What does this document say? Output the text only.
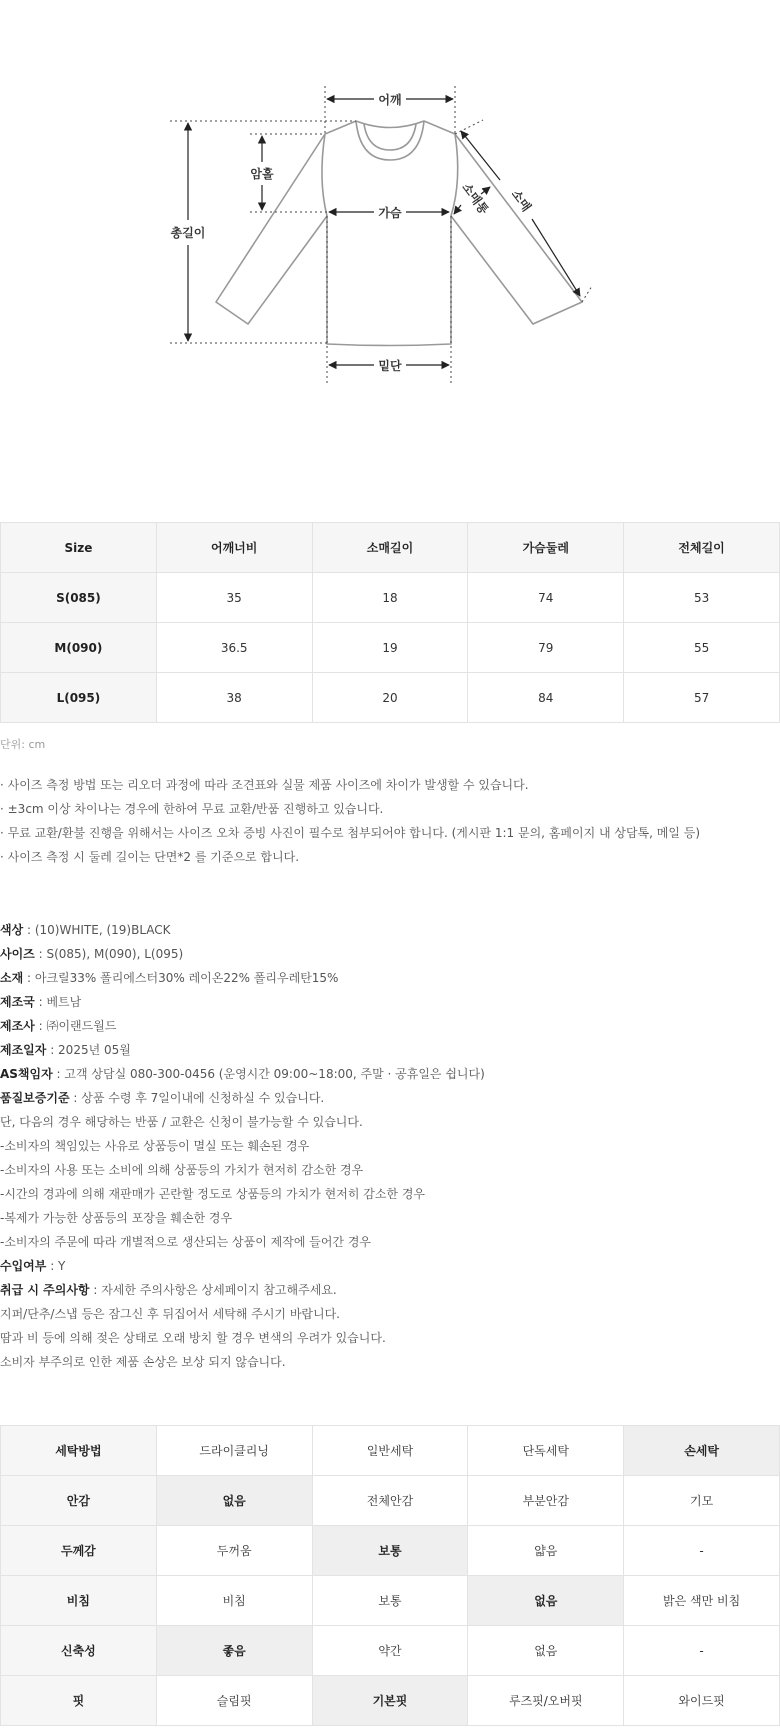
어깨
암홀
총길이
가슴
밑단
소매
소매통
Size	어깨너비	소매길이	가슴둘레	전체길이
S(085)	35	18	74	53
M(090)	36.5	19	79	55
L(095)	38	20	84	57
단위: cm
· 사이즈 측정 방법 또는 리오더 과정에 따라 조견표와 실물 제품 사이즈에 차이가 발생할 수 있습니다.
· ±3cm 이상 차이나는 경우에 한하여 무료 교환/반품 진행하고 있습니다.
· 무료 교환/환불 진행을 위해서는 사이즈 오차 증빙 사진이 필수로 첨부되어야 합니다. (게시판 1:1 문의, 홈페이지 내 상담톡, 메일 등)
· 사이즈 측정 시 둘레 길이는 단면*2 를 기준으로 합니다.
색상 : (10)WHITE, (19)BLACK
사이즈 : S(085), M(090), L(095)
소재 : 아크릴33% 폴리에스터30% 레이온22% 폴리우레탄15%
제조국 : 베트남
제조사 : ㈜이랜드월드
제조일자 : 2025년 05월
AS책임자 : 고객 상담실 080-300-0456 (운영시간 09:00~18:00, 주말 · 공휴일은 쉽니다)
품질보증기준 : 상품 수령 후 7일이내에 신청하실 수 있습니다.
단, 다음의 경우 해당하는 반품 / 교환은 신청이 불가능할 수 있습니다.
-소비자의 책임있는 사유로 상품등이 멸실 또는 훼손된 경우
-소비자의 사용 또는 소비에 의해 상품등의 가치가 현저히 감소한 경우
-시간의 경과에 의해 재판매가 곤란할 정도로 상품등의 가치가 현저히 감소한 경우
-복제가 가능한 상품등의 포장을 훼손한 경우
-소비자의 주문에 따라 개별적으로 생산되는 상품이 제작에 들어간 경우
수입여부 : Y
취급 시 주의사항 : 자세한 주의사항은 상세페이지 참고해주세요.
지퍼/단추/스냅 등은 잠그신 후 뒤집어서 세탁해 주시기 바랍니다.
땀과 비 등에 의해 젖은 상태로 오래 방치 할 경우 변색의 우려가 있습니다.
소비자 부주의로 인한 제품 손상은 보상 되지 않습니다.
세탁방법	드라이클리닝	일반세탁	단독세탁	손세탁
안감	없음	전체안감	부분안감	기모
두께감	두꺼움	보통	얇음	-
비침	비침	보통	없음	밝은 색만 비침
신축성	좋음	약간	없음	-
핏	슬림핏	기본핏	루즈핏/오버핏	와이드핏
